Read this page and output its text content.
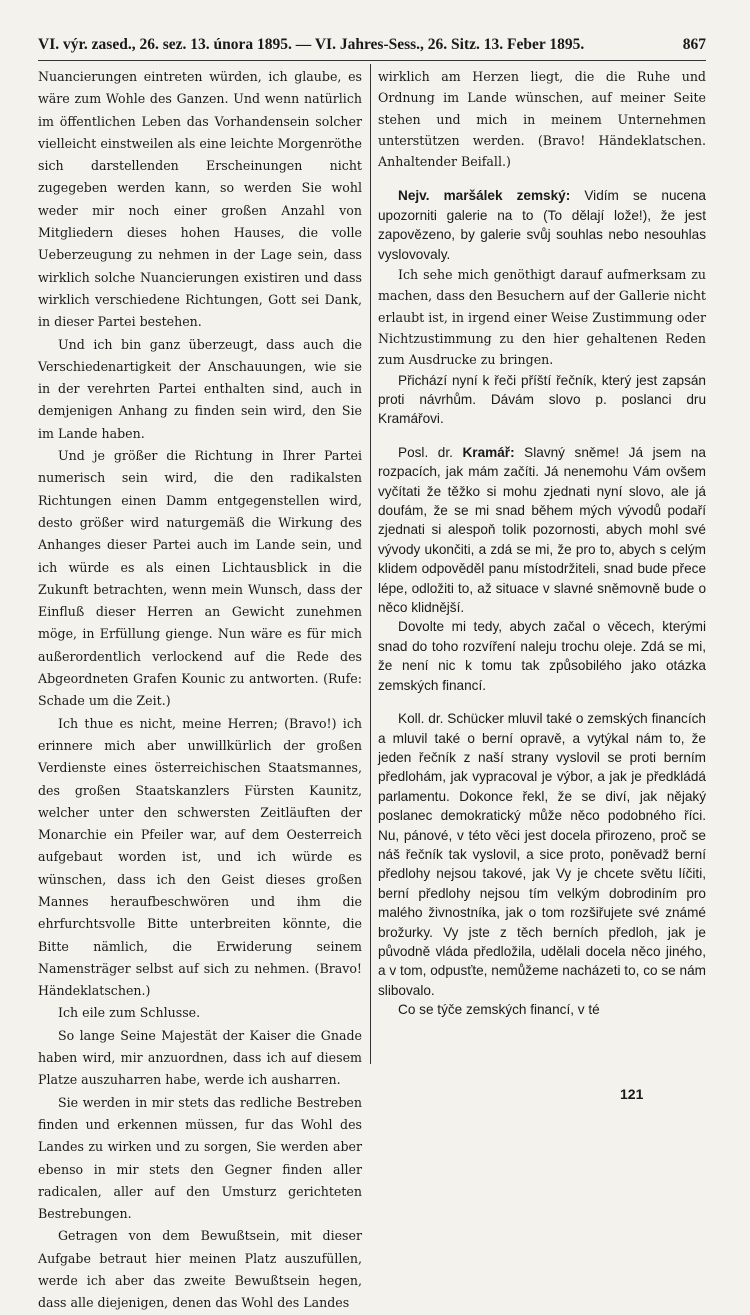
VI. výr. zased., 26. sez. 13. února 1895. — VI. Jahres-Sess., 26. Sitz. 13. Feber 1895.	867

Nuancierungen eintreten würden, ich glaube, es wäre zum Wohle des Ganzen. Und wenn natürlich im öffentlichen Leben das Vorhandensein solcher vielleicht einstweilen als eine leichte Morgenröthe sich darstellenden Erscheinungen nicht zugegeben werden kann, so werden Sie wohl weder mir noch einer großen Anzahl von Mitgliedern dieses hohen Hauses, die volle Ueberzeugung zu nehmen in der Lage sein, dass wirklich solche Nuancierungen existiren und dass wirklich verschiedene Richtungen, Gott sei Dank, in dieser Partei bestehen.

Und ich bin ganz überzeugt, dass auch die Verschiedenartigkeit der Anschauungen, wie sie in der verehrten Partei enthalten sind, auch in demjenigen Anhang zu finden sein wird, den Sie im Lande haben.

Und je größer die Richtung in Ihrer Partei numerisch sein wird, die den radikalsten Richtungen einen Damm entgegenstellen wird, desto größer wird naturgemäß die Wirkung des Anhanges dieser Partei auch im Lande sein, und ich würde es als einen Lichtausblick in die Zukunft betrachten, wenn mein Wunsch, dass der Einfluß dieser Herren an Gewicht zunehmen möge, in Erfüllung gienge. Nun wäre es für mich außerordentlich verlockend auf die Rede des Abgeordneten Grafen Kounic zu antworten. (Rufe: Schade um die Zeit.)

Ich thue es nicht, meine Herren; (Bravo!) ich erinnere mich aber unwillkürlich der großen Verdienste eines österreichischen Staatsmannes, des großen Staatskanzlers Fürsten Kaunitz, welcher unter den schwersten Zeitläuften der Monarchie ein Pfeiler war, auf dem Oesterreich aufgebaut worden ist, und ich würde es wünschen, dass ich den Geist dieses großen Mannes heraufbeschwören und ihm die ehrfurchtsvolle Bitte unterbreiten könnte, die Bitte nämlich, die Erwiderung seinem Namensträger selbst auf sich zu nehmen. (Bravo! Händeklatschen.)

Ich eile zum Schlusse.

So lange Seine Majestät der Kaiser die Gnade haben wird, mir anzuordnen, dass ich auf diesem Platze auszuharren habe, werde ich ausharren.

Sie werden in mir stets das redliche Bestreben finden und erkennen müssen, fur das Wohl des Landes zu wirken und zu sorgen, Sie werden aber ebenso in mir stets den Gegner finden aller radicalen, aller auf den Umsturz gerichteten Bestrebungen.

Getragen von dem Bewußtsein, mit dieser Aufgabe betraut hier meinen Platz auszufüllen, werde ich aber das zweite Bewußtsein hegen, dass alle diejenigen, denen das Wohl des Landes

wirklich am Herzen liegt, die die Ruhe und Ordnung im Lande wünschen, auf meiner Seite stehen und mich in meinem Unternehmen unterstützen werden. (Bravo! Händeklatschen. Anhaltender Beifall.)

Nejv. maršálek zemský: Vidím se nucena upozorniti galerie na to (To dělají lože!), že jest zapovězeno, by galerie svůj souhlas nebo nesouhlas vyslovovaly.

Ich sehe mich genöthigt darauf aufmerksam zu machen, dass den Besuchern auf der Gallerie nicht erlaubt ist, in irgend einer Weise Zustimmung oder Nichtzustimmung zu den hier gehaltenen Reden zum Ausdrucke zu bringen.

Přichází nyní k řeči příští řečník, který jest zapsán proti návrhům. Dávám slovo p. poslanci dru Kramářovi.

Posl. dr. Kramář: Slavný sněme! Já jsem na rozpacích, jak mám začíti. Já nenemohu Vám ovšem vyčítati že těžko si mohu zjednati nyní slovo, ale já doufám, že se mi snad během mých vývodů podaří zjednati si alespoň tolik pozornosti, abych mohl své vývody ukončiti, a zdá se mi, že pro to, abych s celým klidem odpověděl panu místodržiteli, snad bude přece lépe, odložiti to, až situace v slavné sněmovně bude o něco klidnější.

Dovolte mi tedy, abych začal o věcech, kterými snad do toho rozvíření naleju trochu oleje. Zdá se mi, že není nic k tomu tak způsobilého jako otázka zemských financí.

Koll. dr. Schücker mluvil také o zemských financích a mluvil také o berní opravě, a vytýkal nám to, že jeden řečník z naší strany vyslovil se proti berním předlohám, jak vypracoval je výbor, a jak je předkládá parlamentu. Dokonce řekl, že se diví, jak nějaký poslanec demokratický může něco podobného říci. Nu, pánové, v této věci jest docela přirozeno, proč se náš řečník tak vyslovil, a sice proto, poněvadž berní předlohy nejsou takové, jak Vy je chcete světu líčiti, berní předlohy nejsou tím velkým dobrodiním pro malého živnostníka, jak o tom rozšiřujete své známé brožurky. Vy jste z těch berních předloh, jak je původně vláda předložila, udělali docela něco jiného, a v tom, odpusťte, nemůžeme nacházeti to, co se nám slibovalo.

Co se týče zemských financí, v té

121
